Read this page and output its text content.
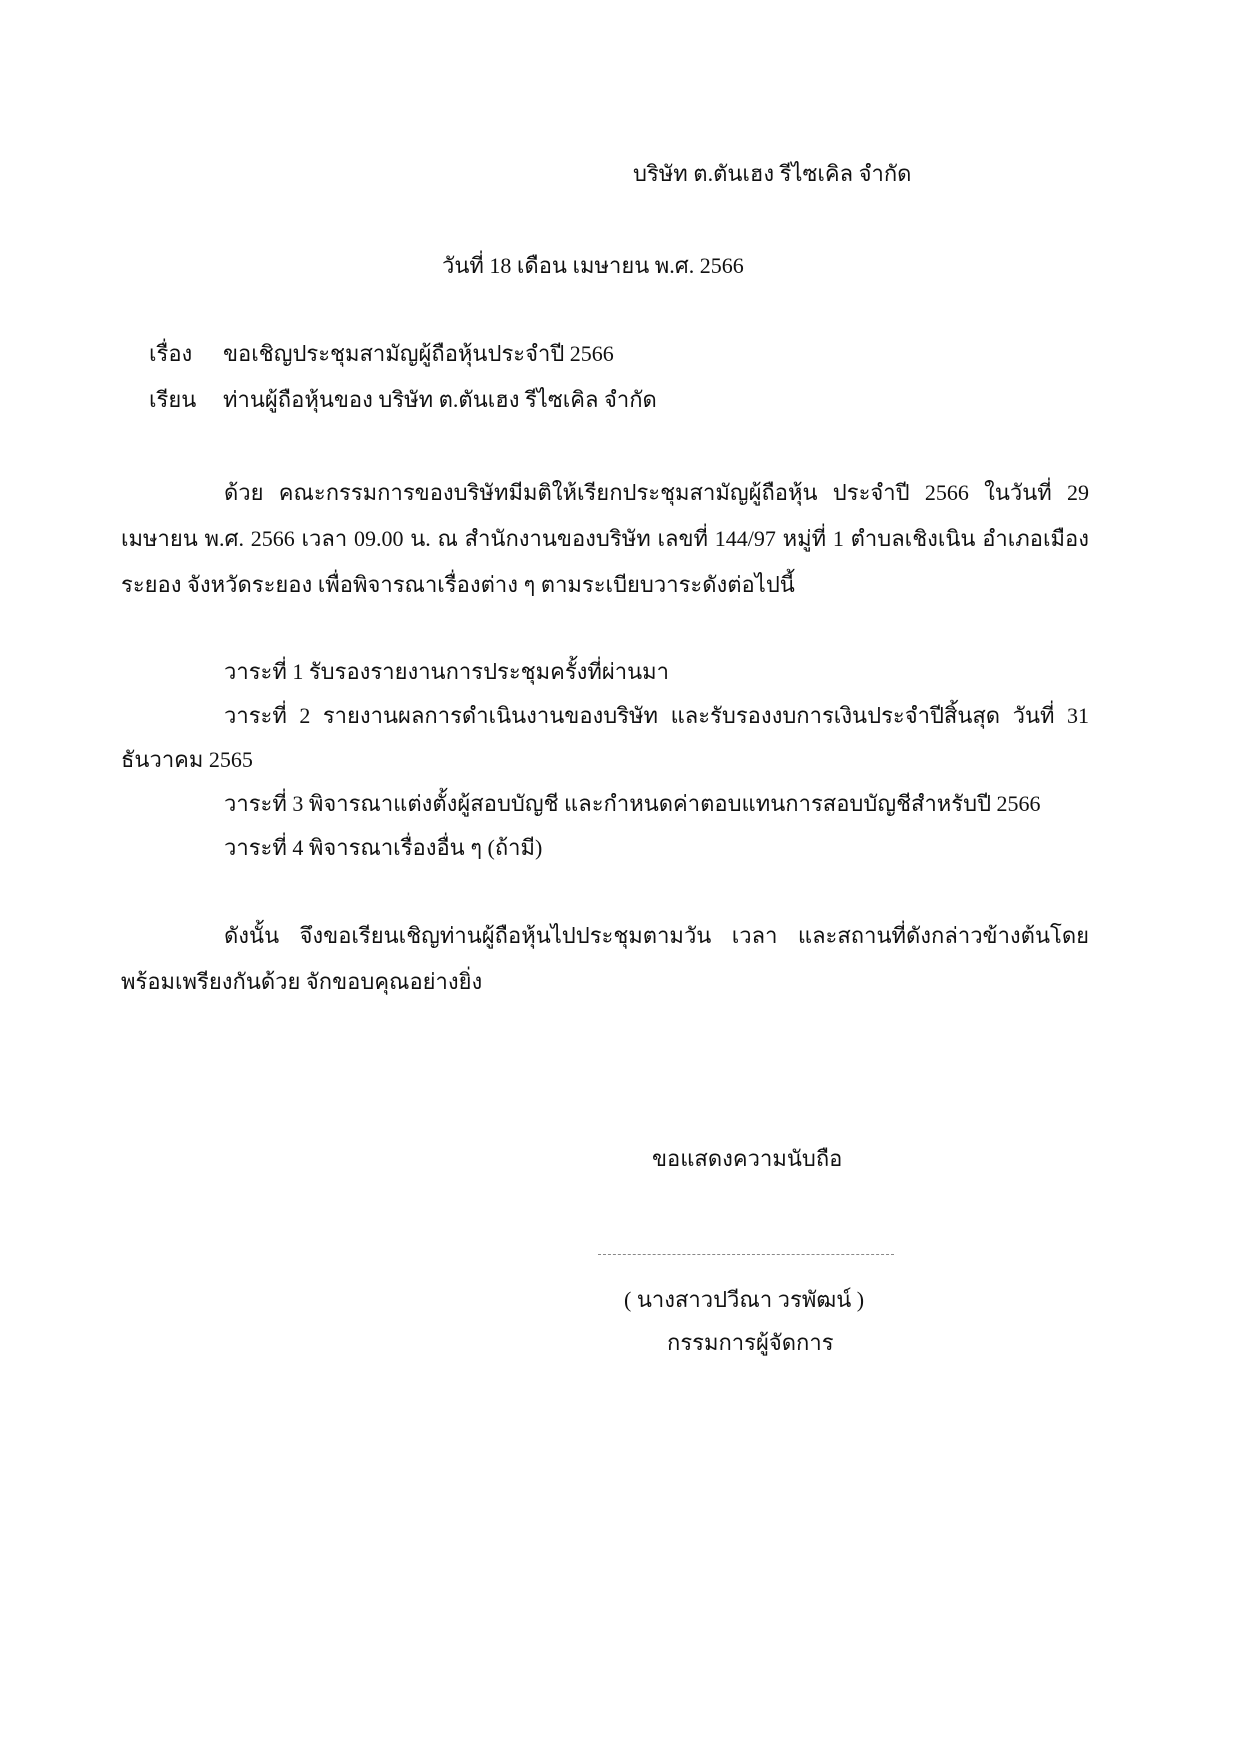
บริษัท ต.ตันเฮง รีไซเคิล จำกัด
วันที่ 18 เดือน เมษายน พ.ศ. 2566
เรื่อง ขอเชิญประชุมสามัญผู้ถือหุ้นประจำปี 2566
เรียน ท่านผู้ถือหุ้นของ บริษัท ต.ตันเฮง รีไซเคิล จำกัด
ด้วย คณะกรรมการของบริษัทมีมติให้เรียกประชุมสามัญผู้ถือหุ้น ประจำปี 2566 ในวันที่ 29 เมษายน พ.ศ. 2566 เวลา 09.00 น. ณ สำนักงานของบริษัท เลขที่ 144/97 หมู่ที่ 1 ตำบลเชิงเนิน อำเภอเมือง ระยอง จังหวัดระยอง เพื่อพิจารณาเรื่องต่าง ๆ ตามระเบียบวาระดังต่อไปนี้
วาระที่ 1 รับรองรายงานการประชุมครั้งที่ผ่านมา
วาระที่ 2 รายงานผลการดำเนินงานของบริษัท และรับรองงบการเงินประจำปีสิ้นสุด วันที่ 31 ธันวาคม 2565
วาระที่ 3 พิจารณาแต่งตั้งผู้สอบบัญชี และกำหนดค่าตอบแทนการสอบบัญชีสำหรับปี 2566
วาระที่ 4 พิจารณาเรื่องอื่น ๆ (ถ้ามี)
ดังนั้น จึงขอเรียนเชิญท่านผู้ถือหุ้นไปประชุมตามวัน เวลา และสถานที่ดังกล่าวข้างต้นโดยพร้อมเพรียงกันด้วย จักขอบคุณอย่างยิ่ง
ขอแสดงความนับถือ
( นางสาวปวีณา วรพัฒน์ )
กรรมการผู้จัดการ
